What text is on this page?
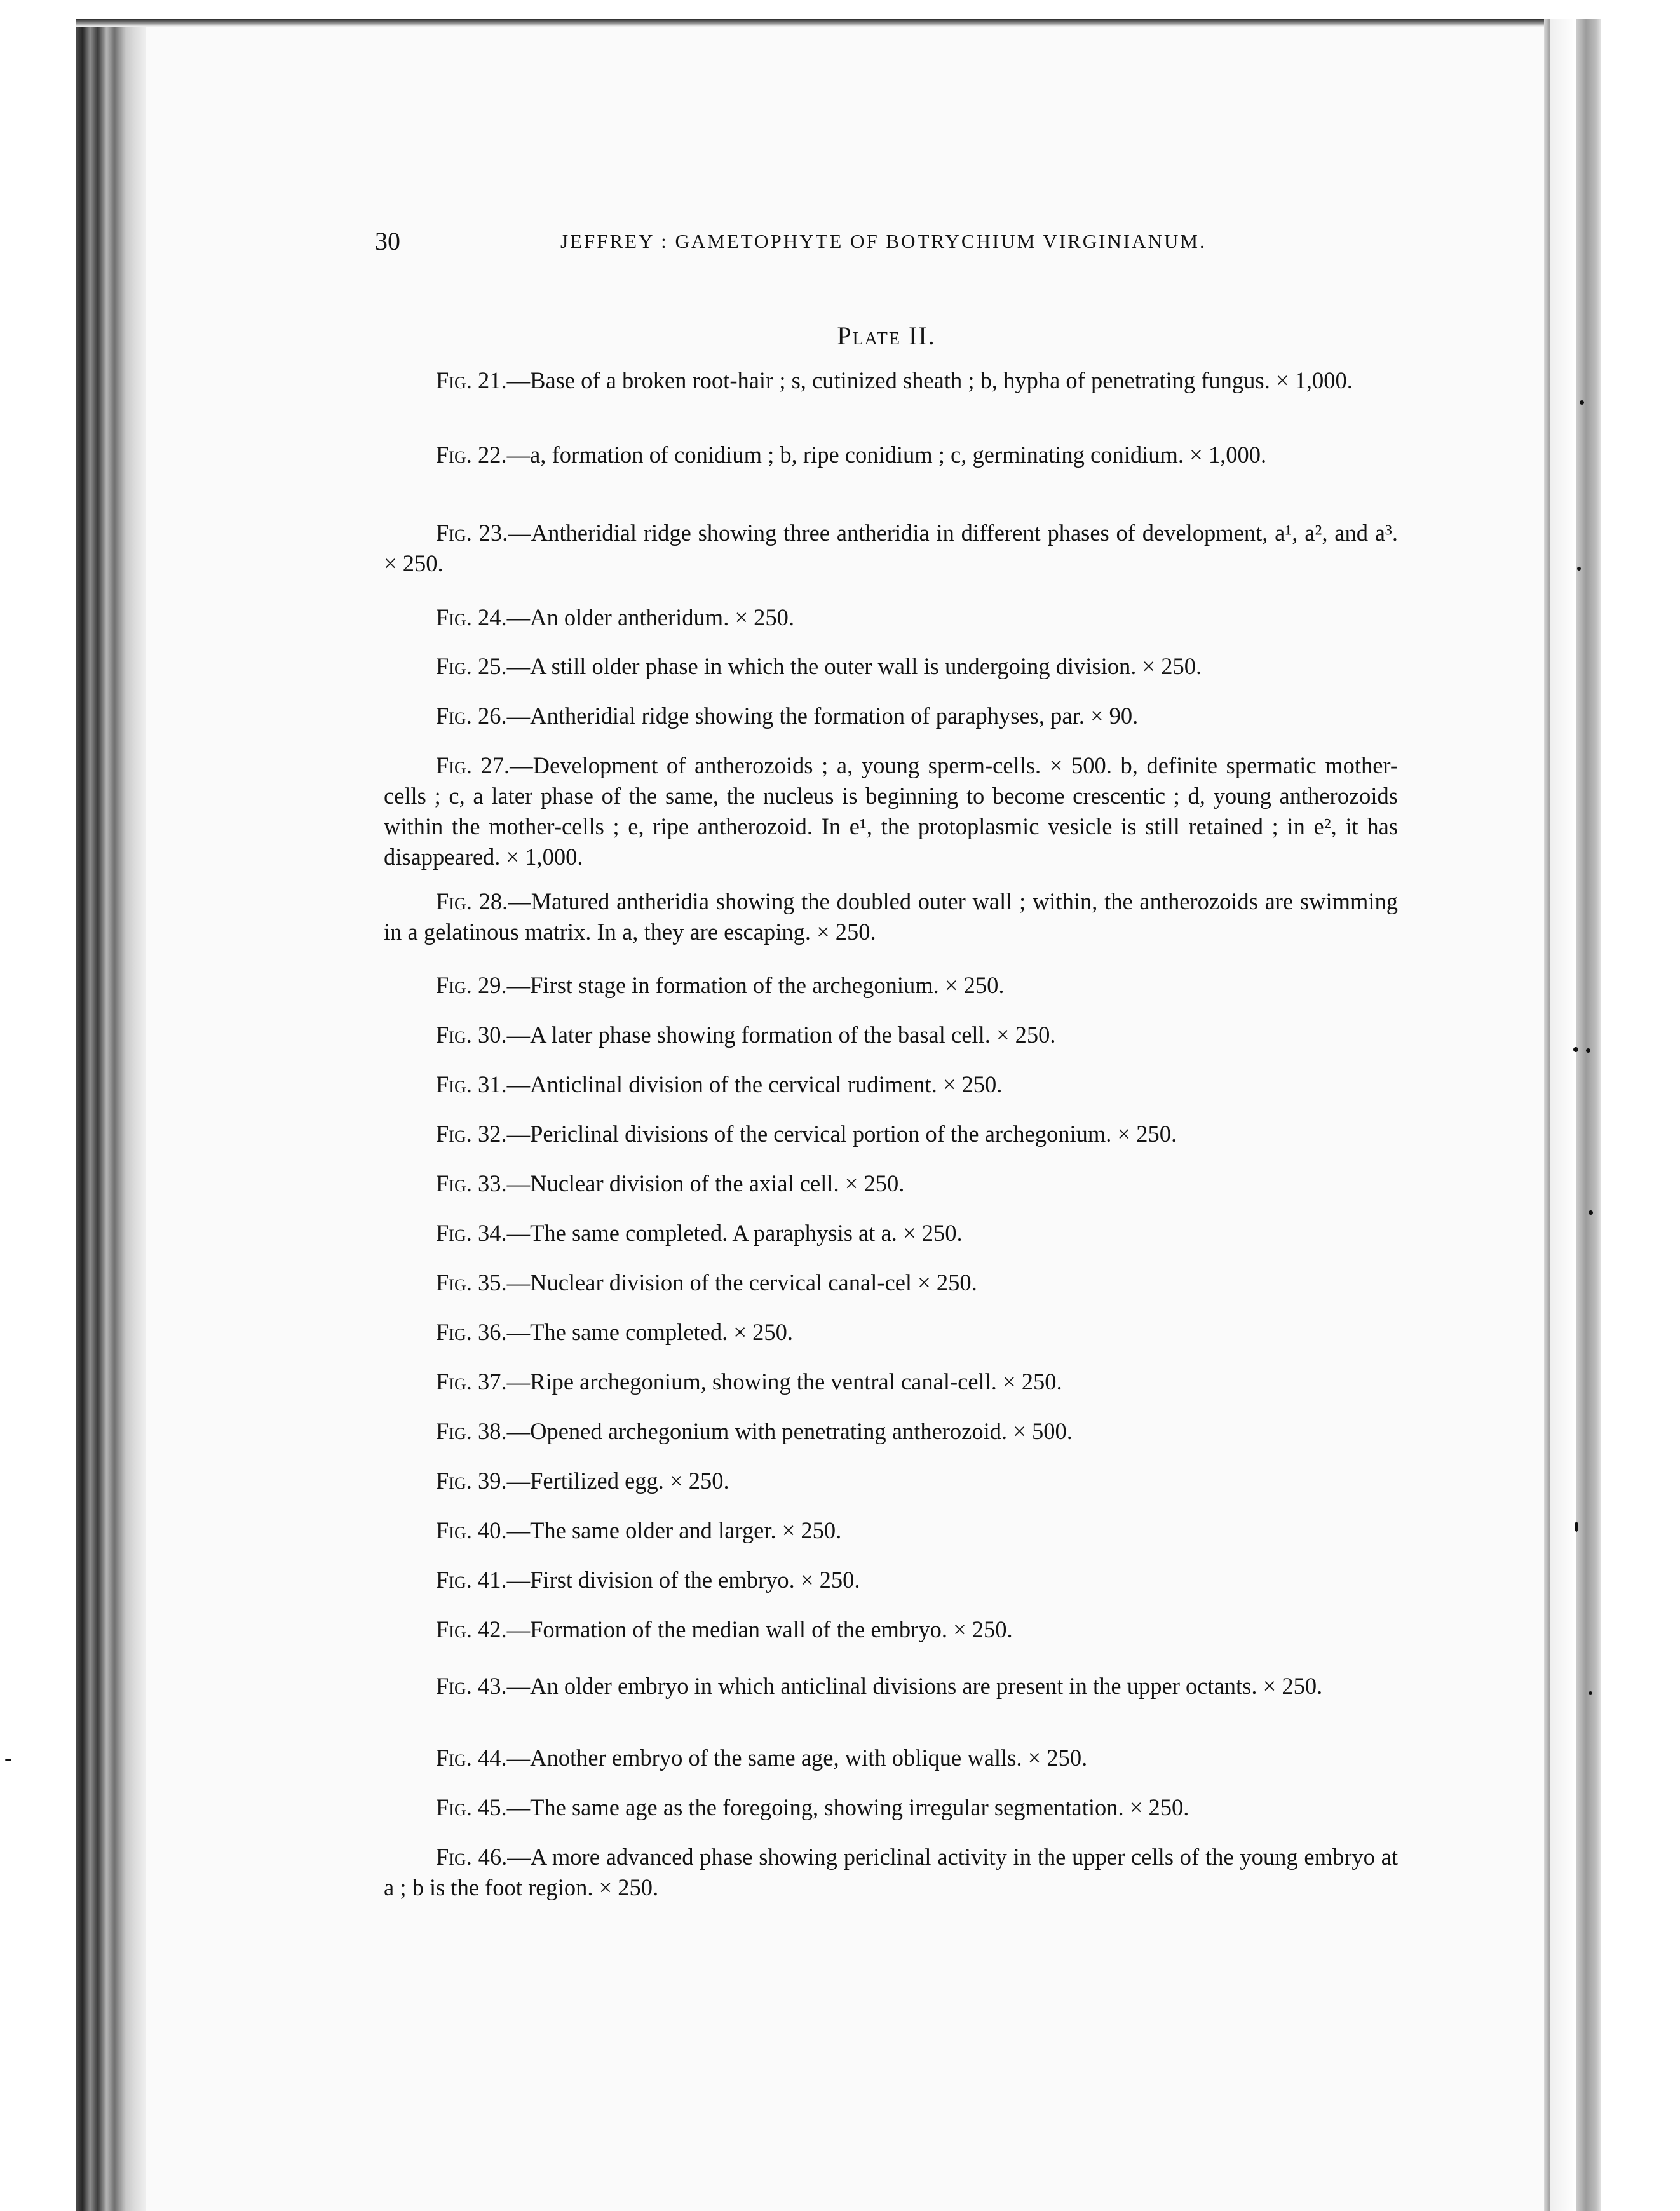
30	JEFFREY : GAMETOPHYTE OF BOTRYCHIUM VIRGINIANUM.
Plate II.
Fig. 21.—Base of a broken root-hair ; s, cutinized sheath ; b, hypha of penetrating fungus. × 1,000.
Fig. 22.—a, formation of conidium ; b, ripe conidium ; c, germinating conidium. × 1,000.
Fig. 23.—Antheridial ridge showing three antheridia in different phases of development, a¹, a², and a³. × 250.
Fig. 24.—An older antheridum. × 250.
Fig. 25.—A still older phase in which the outer wall is undergoing division. × 250.
Fig. 26.—Antheridial ridge showing the formation of paraphyses, par. × 90.
Fig. 27.—Development of antherozoids ; a, young sperm-cells. × 500. b, definite spermatic mother-cells ; c, a later phase of the same, the nucleus is beginning to become crescentic ; d, young antherozoids within the mother-cells ; e, ripe antherozoid. In e¹, the protoplasmic vesicle is still retained ; in e², it has disappeared. × 1,000.
Fig. 28.—Matured antheridia showing the doubled outer wall ; within, the antherozoids are swimming in a gelatinous matrix. In a, they are escaping. × 250.
Fig. 29.—First stage in formation of the archegonium. × 250.
Fig. 30.—A later phase showing formation of the basal cell. × 250.
Fig. 31.—Anticlinal division of the cervical rudiment. × 250.
Fig. 32.—Periclinal divisions of the cervical portion of the archegonium. × 250.
Fig. 33.—Nuclear division of the axial cell. × 250.
Fig. 34.—The same completed. A paraphysis at a. × 250.
Fig. 35.—Nuclear division of the cervical canal-cel × 250.
Fig. 36.—The same completed. × 250.
Fig. 37.—Ripe archegonium, showing the ventral canal-cell. × 250.
Fig. 38.—Opened archegonium with penetrating antherozoid. × 500.
Fig. 39.—Fertilized egg. × 250.
Fig. 40.—The same older and larger. × 250.
Fig. 41.—First division of the embryo. × 250.
Fig. 42.—Formation of the median wall of the embryo. × 250.
Fig. 43.—An older embryo in which anticlinal divisions are present in the upper octants. × 250.
Fig. 44.—Another embryo of the same age, with oblique walls. × 250.
Fig. 45.—The same age as the foregoing, showing irregular segmentation. × 250.
Fig. 46.—A more advanced phase showing periclinal activity in the upper cells of the young embryo at a ; b is the foot region. × 250.
